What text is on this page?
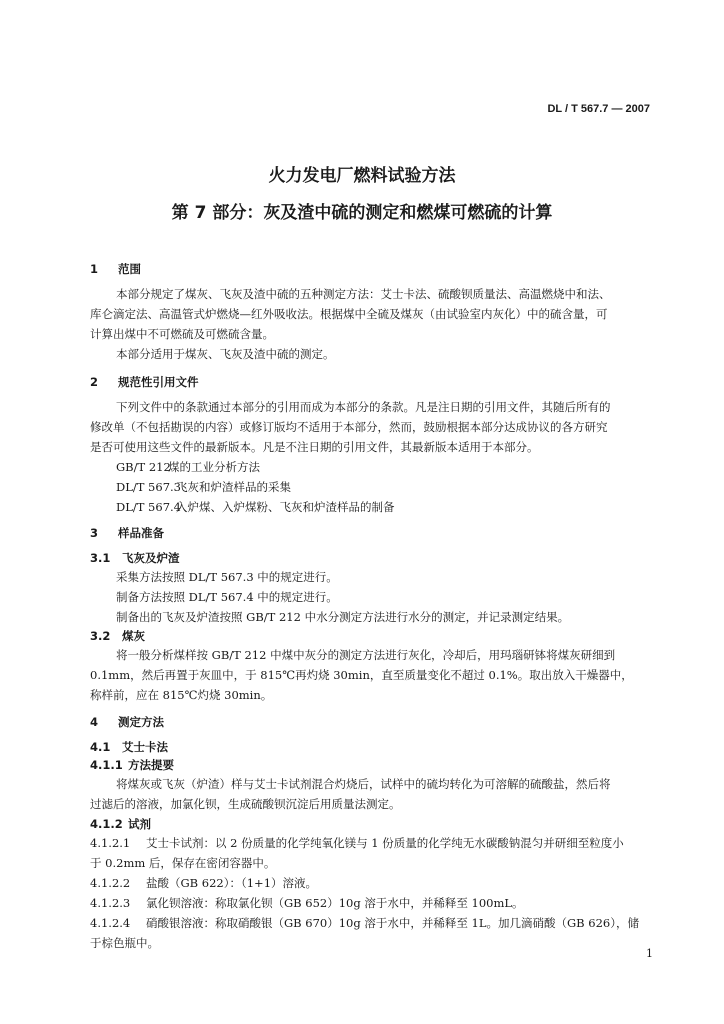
DL / T 567.7 — 2007
火力发电厂燃料试验方法
第 7 部分：灰及渣中硫的测定和燃煤可燃硫的计算
1 范围
本部分规定了煤灰、飞灰及渣中硫的五种测定方法：艾士卡法、硫酸钡质量法、高温燃烧中和法、
库仑滴定法、高温管式炉燃烧—红外吸收法。根据煤中全硫及煤灰（由试验室内灰化）中的硫含量，可
计算出煤中不可燃硫及可燃硫含量。
本部分适用于煤灰、飞灰及渣中硫的测定。
2 规范性引用文件
下列文件中的条款通过本部分的引用而成为本部分的条款。凡是注日期的引用文件，其随后所有的
修改单（不包括勘误的内容）或修订版均不适用于本部分，然而，鼓励根据本部分达成协议的各方研究
是否可使用这些文件的最新版本。凡是不注日期的引用文件，其最新版本适用于本部分。
GB/T 212煤的工业分析方法
DL/T 567.3飞灰和炉渣样品的采集
DL/T 567.4入炉煤、入炉煤粉、飞灰和炉渣样品的制备
3 样品准备
3.1 飞灰及炉渣
采集方法按照 DL/T 567.3 中的规定进行。
制备方法按照 DL/T 567.4 中的规定进行。
制备出的飞灰及炉渣按照 GB/T 212 中水分测定方法进行水分的测定，并记录测定结果。
3.2 煤灰
将一般分析煤样按 GB/T 212 中煤中灰分的测定方法进行灰化，冷却后，用玛瑙研钵将煤灰研细到
0.1mm，然后再置于灰皿中，于 815℃再灼烧 30min，直至质量变化不超过 0.1%。取出放入干燥器中，
称样前，应在 815℃灼烧 30min。
4 测定方法
4.1 艾士卡法
4.1.1 方法提要
将煤灰或飞灰（炉渣）样与艾士卡试剂混合灼烧后，试样中的硫均转化为可溶解的硫酸盐，然后将
过滤后的溶液，加氯化钡，生成硫酸钡沉淀后用质量法测定。
4.1.2 试剂
4.1.2.1 艾士卡试剂：以 2 份质量的化学纯氧化镁与 1 份质量的化学纯无水碳酸钠混匀并研细至粒度小
于 0.2mm 后，保存在密闭容器中。
4.1.2.2 盐酸（GB 622）：（1+1）溶液。
4.1.2.3 氯化钡溶液：称取氯化钡（GB 652）10g 溶于水中，并稀释至 100mL。
4.1.2.4 硝酸银溶液：称取硝酸银（GB 670）10g 溶于水中，并稀释至 1L。加几滴硝酸（GB 626），储
于棕色瓶中。
1
